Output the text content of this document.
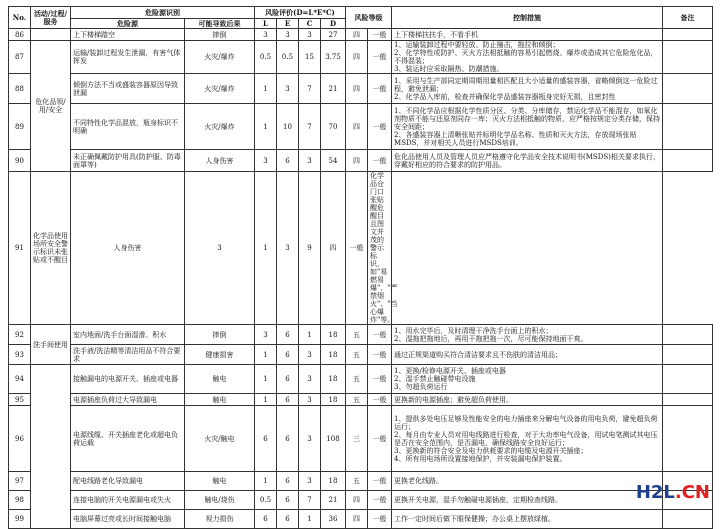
No.	活动/过程/服务	危险源识别		风险评价(D=L*E*C)				风险等级		控制措施	备注
		危险源	可能导致后果	L	E	C	D				
86		上下楼梯踏空	摔倒	3	3	3	27	四	一般	上下楼梯扶扶手，不看手机	
87	危化品领/用/安全	运输/装卸过程发生泄漏，有害气体挥发	火灾/爆炸	0.5	0.5	15	3.75	四	一般	1、运输装卸过程中要轻放、防止撞击，拖拉和倾倒；
2、化学特性或防护、灭火方法相抵触的容易引起燃烧、爆炸或造成其它危险危化品，不得混装；
3、装运时应采取隔热、防潮措施。	
88		倾倒方法不当或盛装容器原因导致泄漏	火灾/爆炸	1	3	7	21	四	一般	1、采用与生产部同定期周期用量相匹配且大小适量的盛装容器，省略倾倒这一危险过程，避免泄漏；
2、化学品入库前，检查并确保化学品盛装容器瓶身完好无损，且密封性	
89		不同特性化学品混放，瓶身标识不明确	火灾/爆炸	1	10	7	70	四	一般	1、不同化学品应根据化学性质分区、分类、分库储存，禁运化学品不能混存，如氧化剂物质不能与还原剂同存一库；灭火方法相抵触的物质，应严格按规定分类存储，保持安全间距；
2、各盛装容器上清晰张贴并标明化学品名称、性质和灭火方法，存放现场张贴MSDS，并对相关人员进行MSDS培训。	
90		未正确佩戴防护用具(防护服、防毒面罩等)	人身伤害	3	6	3	54	四	一般	危化品使用人员及管理人员应严格遵守化学品安全技术说明书(MSDS)相关要求执行，穿戴好相应的符合要求的防护用品。	
91	化学品使用场所安全警示标识未张贴或不醒目	人身伤害	3	1	3	9	四	一般	化学品仓门口张贴醒危醒目且图文并茂的警示标识，如"易燃易爆"、"严禁烟火"、"当心爆炸"等。		
92	洗手间使用	室内地面/洗手台面湿滑、积水	摔倒	3	6	1	18	五	一般	1、用水完毕后，及时清理干净洗手台面上的积水；
2、湿拖把拖地后，再用干拖把拖一次，尽可能保持地面干爽。	
93		洗手液/洗洁精等清洁用品不符合要求	健康损害	1	6	3	18	五	一般	通过正规渠道购买符合清洁要求且不伤肤的清洁用品；	
94		接触漏电的电源开关、插座或电器	触电	1	6	3	18	五	一般	1、更换/检修电源开关、插座或电器
2、湿手禁止触碰带电设施
3、勿超负荷运行	
95		电源插座负荷过大导致漏电	触电	1	6	3	18	五	一般	更换新的电源插座；避免超负荷使用。	
96		电源线缆、开关插座老化或超电负荷运载	火灾/触电	6	6	3	108	三	一般	1、提供多处电压足够及性能安全的电力插座来分解电气设备的用电负荷，避免超负荷运行；
2、每月由专业人员对用电线路进行检查，对于大功率电气设备，用试电笔测试其电压是否在安全范围内，是否漏电，确保线路安全良好运行；
3、更换新的符合安全及电力供耗要求的电缆及电源开关插座；
4、所有用电场所设置接地保护，并安装漏电保护装置。	
97		配电线路老化导致漏电	触电	1	6	3	18	五	一般	更换老化线路。	
98		连接电脑的开关电源漏电或失火	触电/烧伤	0.5	6	7	21	四	一般	更换开关电源，湿手勿触碰电源插座，定期检查线路。	
99		电脑屏幕过亮或长时间接触电脑	视力损伤	6	6	1	36	四	一般	工作一定时间后做下眼保健操；办公桌上摆放绿植。	
H2L.CN
